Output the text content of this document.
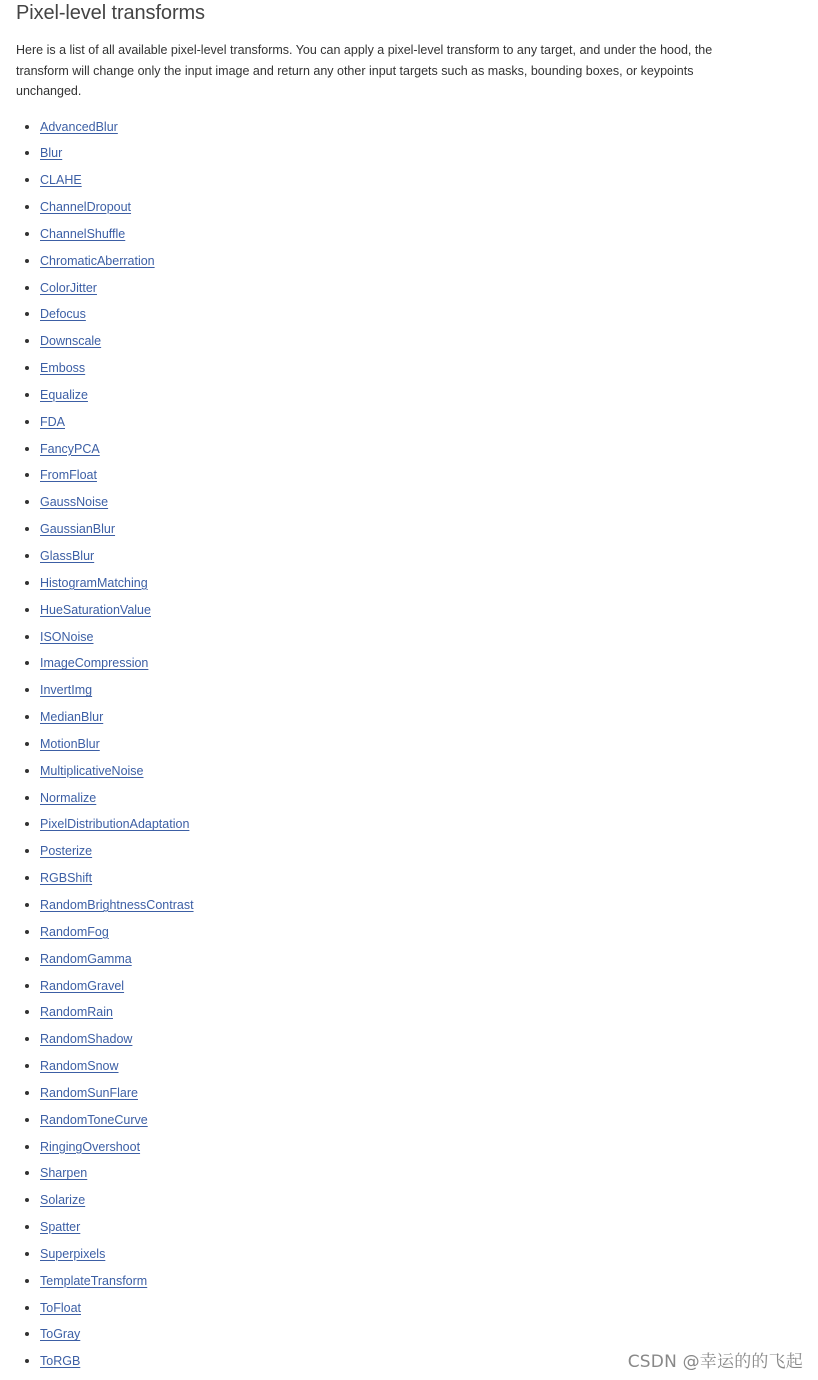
Pixel-level transforms

Here is a list of all available pixel-level transforms. You can apply a pixel-level transform to any target, and under the hood, the transform will change only the input image and return any other input targets such as masks, bounding boxes, or keypoints unchanged.

AdvancedBlur
Blur
CLAHE
ChannelDropout
ChannelShuffle
ChromaticAberration
ColorJitter
Defocus
Downscale
Emboss
Equalize
FDA
FancyPCA
FromFloat
GaussNoise
GaussianBlur
GlassBlur
HistogramMatching
HueSaturationValue
ISONoise
ImageCompression
InvertImg
MedianBlur
MotionBlur
MultiplicativeNoise
Normalize
PixelDistributionAdaptation
Posterize
RGBShift
RandomBrightnessContrast
RandomFog
RandomGamma
RandomGravel
RandomRain
RandomShadow
RandomSnow
RandomSunFlare
RandomToneCurve
RingingOvershoot
Sharpen
Solarize
Spatter
Superpixels
TemplateTransform
ToFloat
ToGray
ToRGB	CSDN @幸运的的飞起
